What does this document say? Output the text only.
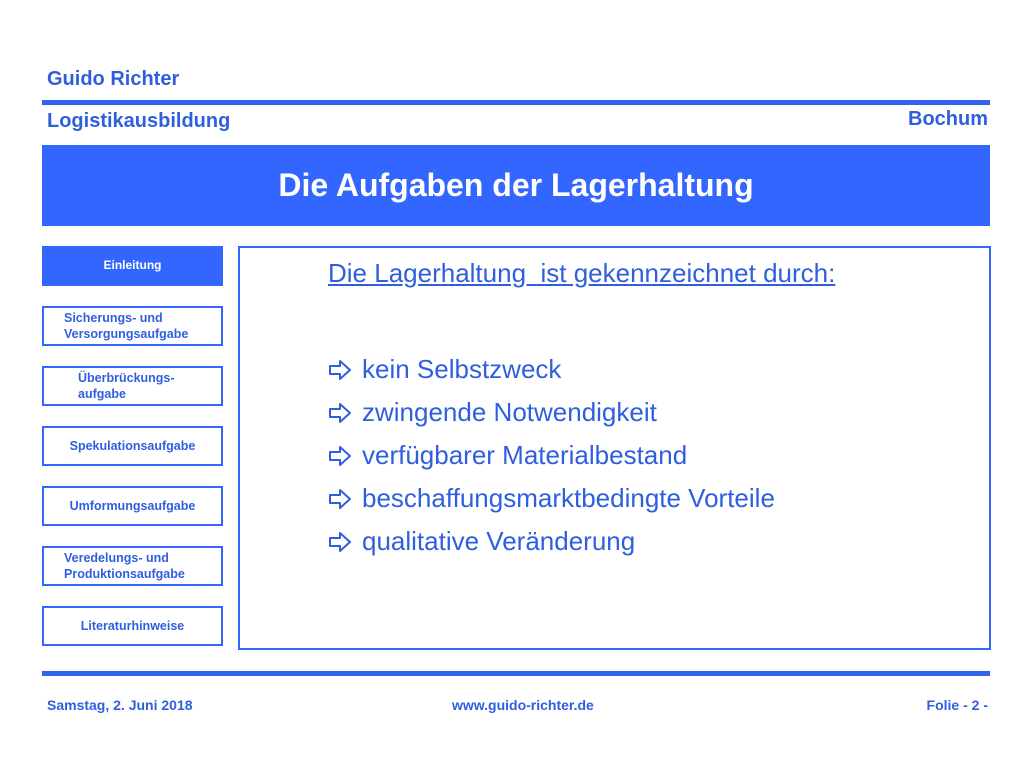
Guido Richter
Logistikausbildung	Bochum
Die Aufgaben der Lagerhaltung
Einleitung
Sicherungs- und
Versorgungsaufgabe
Überbrückungs-
aufgabe
Spekulationsaufgabe
Umformungsaufgabe
Veredelungs- und
Produktionsaufgabe
Literaturhinweise
Die Lagerhaltung  ist gekennzeichnet durch:
kein Selbstzweck
zwingende Notwendigkeit
verfügbarer Materialbestand
beschaffungsmarktbedingte Vorteile
qualitative Veränderung
Samstag, 2. Juni 2018	www.guido-richter.de	Folie - 2 -
